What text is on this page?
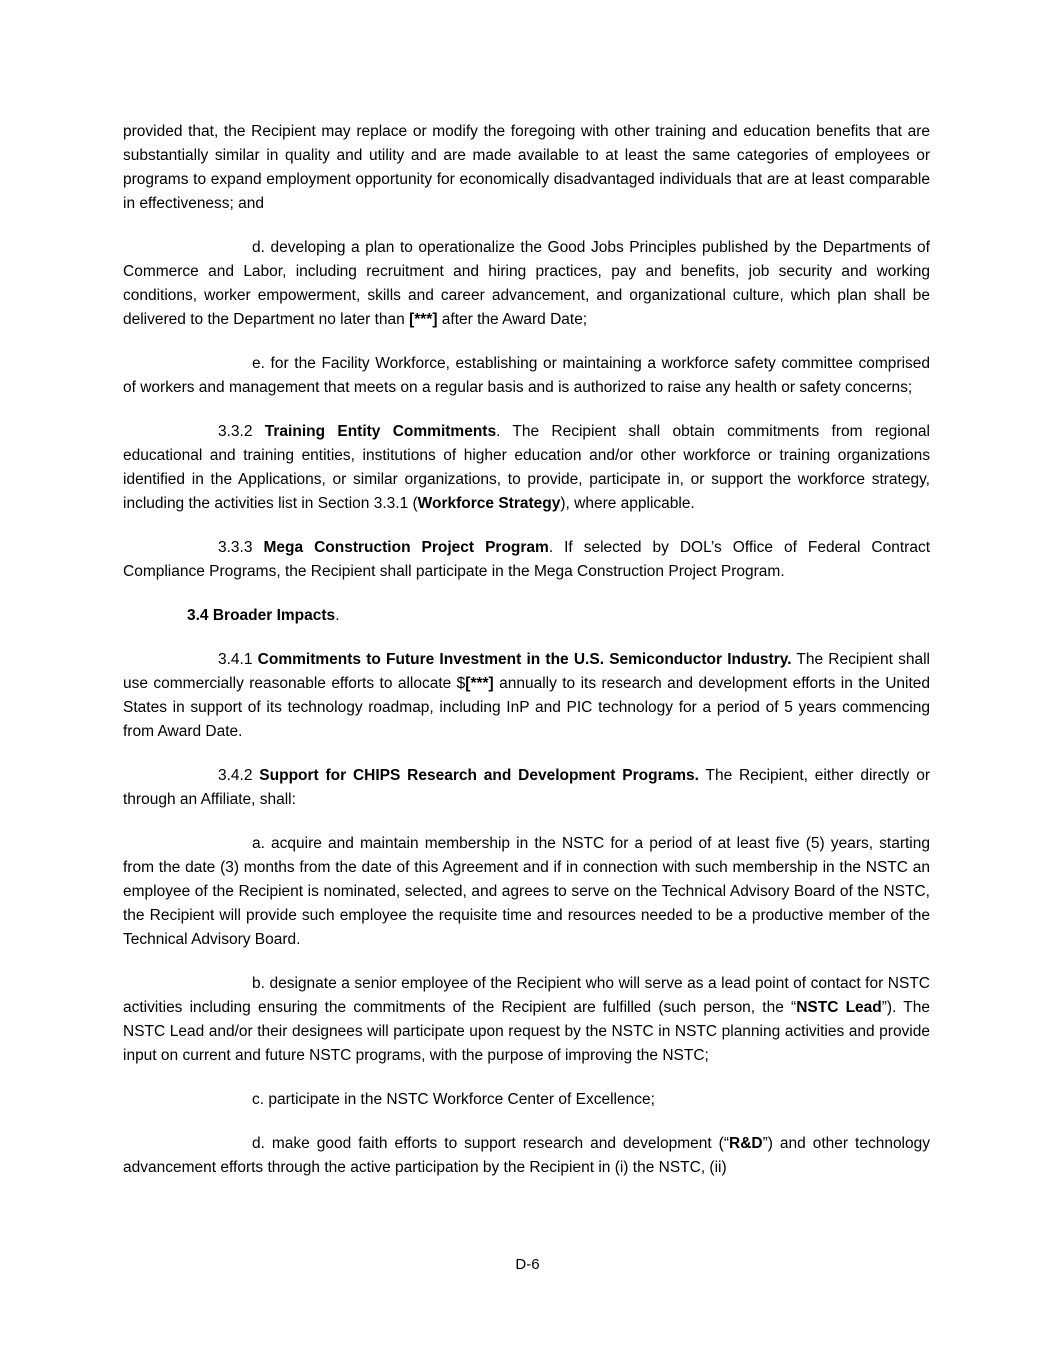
provided that, the Recipient may replace or modify the foregoing with other training and education benefits that are substantially similar in quality and utility and are made available to at least the same categories of employees or programs to expand employment opportunity for economically disadvantaged individuals that are at least comparable in effectiveness; and

d. developing a plan to operationalize the Good Jobs Principles published by the Departments of Commerce and Labor, including recruitment and hiring practices, pay and benefits, job security and working conditions, worker empowerment, skills and career advancement, and organizational culture, which plan shall be delivered to the Department no later than [***] after the Award Date;

e. for the Facility Workforce, establishing or maintaining a workforce safety committee comprised of workers and management that meets on a regular basis and is authorized to raise any health or safety concerns;

3.3.2 Training Entity Commitments. The Recipient shall obtain commitments from regional educational and training entities, institutions of higher education and/or other workforce or training organizations identified in the Applications, or similar organizations, to provide, participate in, or support the workforce strategy, including the activities list in Section 3.3.1 (Workforce Strategy), where applicable.

3.3.3 Mega Construction Project Program. If selected by DOL’s Office of Federal Contract Compliance Programs, the Recipient shall participate in the Mega Construction Project Program.

3.4 Broader Impacts.

3.4.1 Commitments to Future Investment in the U.S. Semiconductor Industry. The Recipient shall use commercially reasonable efforts to allocate $[***] annually to its research and development efforts in the United States in support of its technology roadmap, including InP and PIC technology for a period of 5 years commencing from Award Date.

3.4.2 Support for CHIPS Research and Development Programs. The Recipient, either directly or through an Affiliate, shall:

a. acquire and maintain membership in the NSTC for a period of at least five (5) years, starting from the date (3) months from the date of this Agreement and if in connection with such membership in the NSTC an employee of the Recipient is nominated, selected, and agrees to serve on the Technical Advisory Board of the NSTC, the Recipient will provide such employee the requisite time and resources needed to be a productive member of the Technical Advisory Board.

b. designate a senior employee of the Recipient who will serve as a lead point of contact for NSTC activities including ensuring the commitments of the Recipient are fulfilled (such person, the “NSTC Lead”). The NSTC Lead and/or their designees will participate upon request by the NSTC in NSTC planning activities and provide input on current and future NSTC programs, with the purpose of improving the NSTC;

c. participate in the NSTC Workforce Center of Excellence;

d. make good faith efforts to support research and development (“R&D”) and other technology advancement efforts through the active participation by the Recipient in (i) the NSTC, (ii)

D-6
